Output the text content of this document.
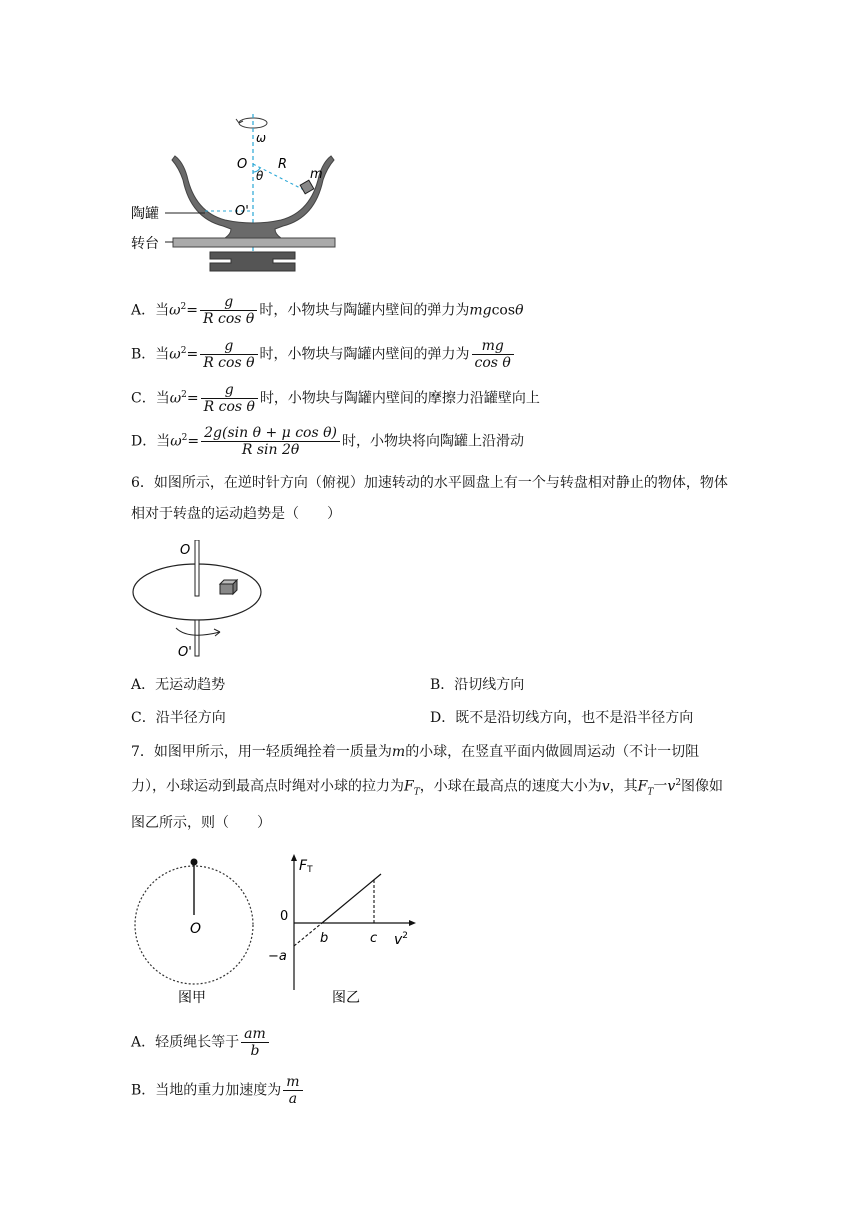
ω
O
θ
R
m
O'
陶罐
转台
A．当$\omega^2= \frac{g}{\text{R cos θ}}$ 时，小物块与陶罐内壁间的弹力为mgcosθ
B．当$\omega^2= \frac{g}{\text{R cos θ}}$ 时，小物块与陶罐内壁间的弹力为 $\frac{mg}{\text{cos θ}}$
C．当$\omega^2= \frac{g}{\text{R cos θ}}$ 时，小物块与陶罐内壁间的摩擦力沿罐壁向上
D．当$\omega^2= \frac{\text{2g(sin θ + μ cos θ)}}{\text{R sin 2θ}}$ 时，小物块将向陶罐上沿滑动
6．如图所示，在逆时针方向（俯视）加速转动的水平圆盘上有一个与转盘相对静止的物体，物体相对于转盘的运动趋势是（　　）
O
O'
A．无运动趋势	B．沿切线方向
C．沿半径方向	D．既不是沿切线方向，也不是沿半径方向
7．如图甲所示，用一轻质绳拴着一质量为m的小球，在竖直平面内做圆周运动（不计一切阻力），小球运动到最高点时绳对小球的拉力为$F_T$，小球在最高点的速度大小为v，其$F_T$一$v^2$图像如图乙所示，则（　　）
O
图甲
FT
0
b	c $v^2$
−a
图乙
A．轻质绳长等于 $\frac{am}{b}$
B．当地的重力加速度为 $\frac{m}{a}$
